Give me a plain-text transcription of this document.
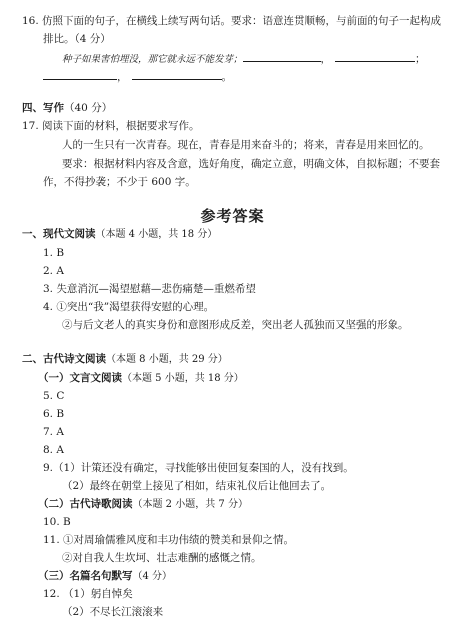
16. 仿照下面的句子，在横线上续写两句话。要求：语意连贯顺畅，与前面的句子一起构成
排比。（4 分）
种子如果害怕埋没，那它就永远不能发芽；	，	；
，	。
四、写作（40 分）
17. 阅读下面的材料，根据要求写作。
人的一生只有一次青春。现在，青春是用来奋斗的；将来，青春是用来回忆的。
要求：根据材料内容及含意，选好角度，确定立意，明确文体，自拟标题；不要套
作，不得抄袭；不少于 600 字。
参考答案
一、现代文阅读（本题 4 小题，共 18 分）
1. B
2. A
3. 失意消沉—渴望慰藉—悲伤痛楚—重燃希望
4. ①突出“我”渴望获得安慰的心理。
②与后文老人的真实身份和意图形成反差，突出老人孤独而又坚强的形象。
二、古代诗文阅读（本题 8 小题，共 29 分）
（一）文言文阅读（本题 5 小题，共 18 分）
5. C
6. B
7. A
8. A
9.（1）计策还没有确定，寻找能够出使回复秦国的人，没有找到。
（2）最终在朝堂上接见了相如，结束礼仪后让他回去了。
（二）古代诗歌阅读（本题 2 小题，共 7 分）
10. B
11. ①对周瑜儒雅风度和丰功伟绩的赞美和景仰之情。
②对自我人生坎坷、壮志难酬的感慨之情。
（三）名篇名句默写（4 分）
12. （1）躬自悼矣
（2）不尽长江滚滚来
